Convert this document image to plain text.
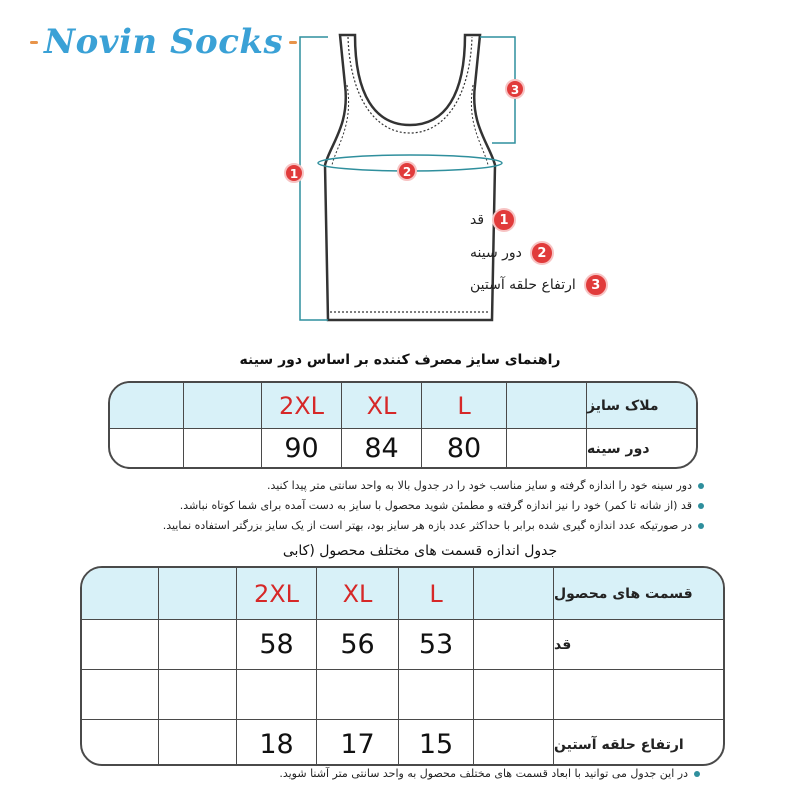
Novin Socks
1	2
3
1
قد
2
دور سینه
3
ارتفاع حلقه آستین
راهنمای سایز مصرف کننده بر اساس دور سینه
ملاک سایز
L
XL
2XL
دور سینه
80
84
90
دور سینه خود را اندازه گرفته و سایز مناسب خود را در جدول بالا به واحد سانتی متر پیدا کنید.
قد (از شانه تا کمر) خود را نیز اندازه گرفته و مطمئن شوید محصول با سایز به دست آمده برای شما کوتاه نباشد.
در صورتیکه عدد اندازه گیری شده برابر با حداکثر عدد بازه هر سایز بود، بهتر است از یک سایز بزرگتر استفاده نمایید.
جدول اندازه قسمت های مختلف محصول (کابی
قسمت های محصول
L
XL
2XL
قد
53
56
58
ارتفاع حلقه آستین
15
17
18
در این جدول می توانید با ابعاد قسمت های مختلف محصول به واحد سانتی متر آشنا شوید.
